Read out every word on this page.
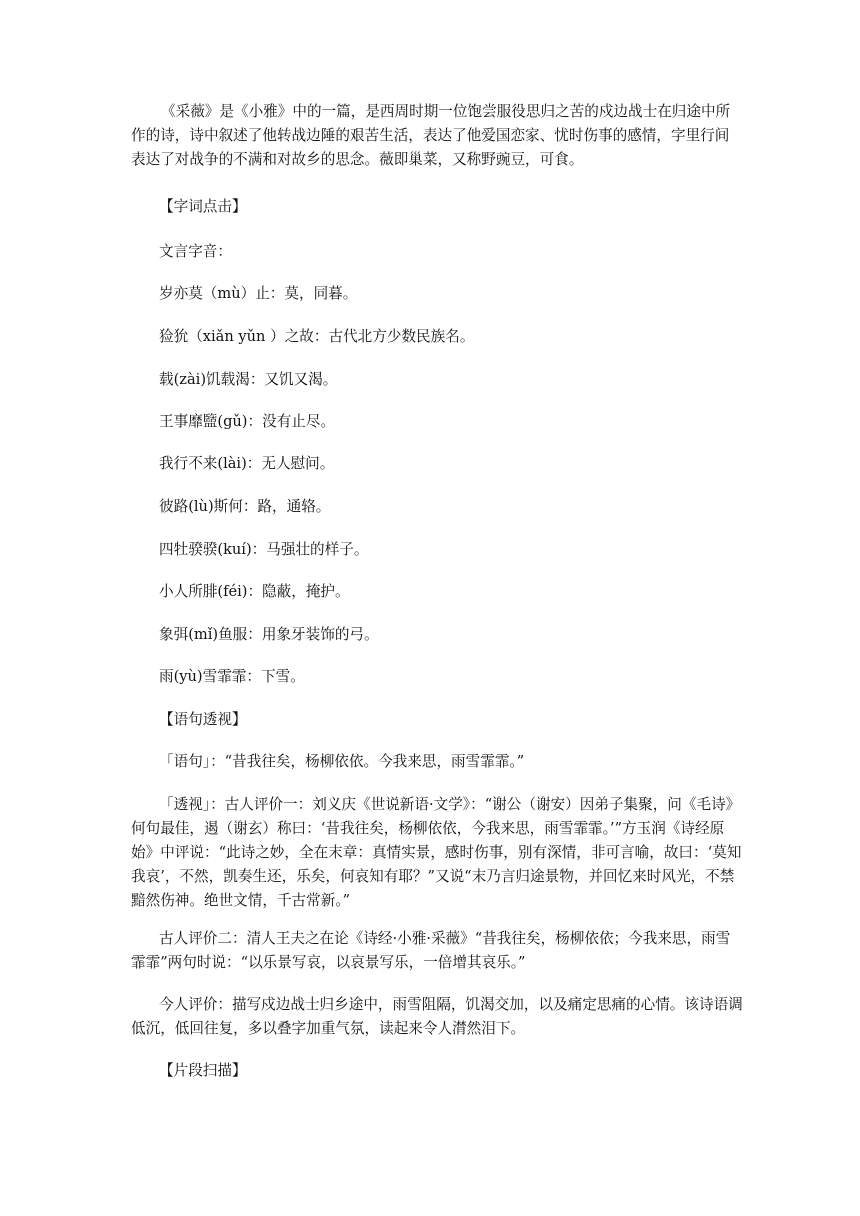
《采薇》是《小雅》中的一篇，是西周时期一位饱尝服役思归之苦的戍边战士在归途中所作的诗，诗中叙述了他转战边陲的艰苦生活，表达了他爱国恋家、忧时伤事的感情，字里行间表达了对战争的不满和对故乡的思念。薇即巢菜，又称野豌豆，可食。
【字词点击】
文言字音：
岁亦莫（mù）止：莫，同暮。
猃狁（xiǎn yǔn ）之故：古代北方少数民族名。
载(zài)饥载渴：又饥又渴。
王事靡盬(gǔ)：没有止尽。
我行不来(lài)：无人慰问。
彼路(lù)斯何：路，通辂。
四牡骙骙(kuí)：马强壮的样子。
小人所腓(féi)：隐蔽，掩护。
象弭(mǐ)鱼服：用象牙装饰的弓。
雨(yù)雪霏霏：下雪。
【语句透视】
「语句」：“昔我往矣，杨柳依依。今我来思，雨雪霏霏。”
「透视」：古人评价一：刘义庆《世说新语·文学》：“谢公（谢安）因弟子集聚，问《毛诗》何句最佳，遏（谢玄）称曰：‘昔我往矣，杨柳依依，今我来思，雨雪霏霏。’”方玉润《诗经原始》中评说：“此诗之妙，全在末章：真情实景，感时伤事，别有深情，非可言喻，故曰：‘莫知我哀’，不然，凯奏生还，乐矣，何哀知有耶？”又说“末乃言归途景物，并回忆来时风光，不禁黯然伤神。绝世文情，千古常新。”
古人评价二：清人王夫之在论《诗经·小雅·采薇》“昔我往矣，杨柳依依；今我来思，雨雪霏霏”两句时说：“以乐景写哀，以哀景写乐，一倍增其哀乐。”
今人评价：描写戍边战士归乡途中，雨雪阻隔，饥渴交加，以及痛定思痛的心情。该诗语调低沉，低回往复，多以叠字加重气氛，读起来令人潸然泪下。
【片段扫描】
